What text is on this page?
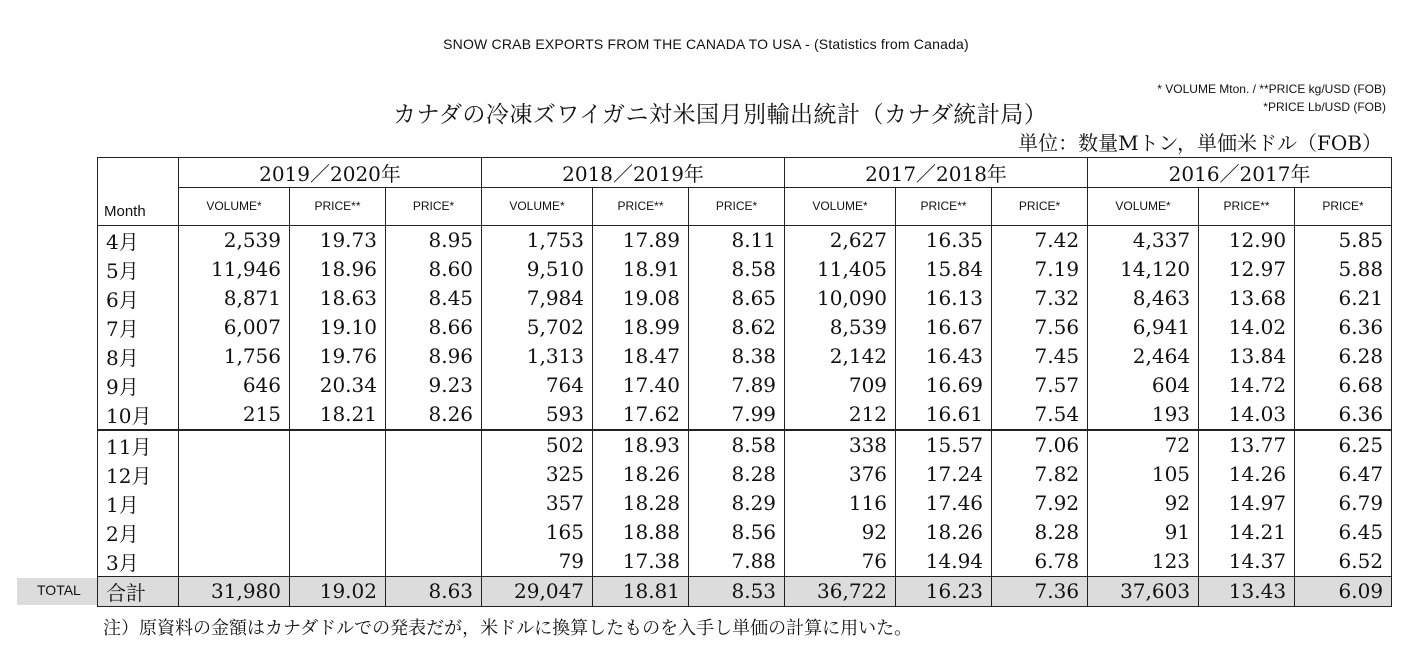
SNOW CRAB EXPORTS FROM THE CANADA TO USA - (Statistics from Canada)
* VOLUME Mton. / **PRICE kg/USD (FOB)
*PRICE Lb/USD (FOB)
カナダの冷凍ズワイガニ対米国月別輸出統計（カナダ統計局）
単位：数量Mトン，単価米ドル（FOB）
TOTAL
	2019／2020年			2018／2019年			2017／2018年			2016／2017年		
Month	VOLUME*	PRICE**	PRICE*	VOLUME*	PRICE**	PRICE*	VOLUME*	PRICE**	PRICE*	VOLUME*	PRICE**	PRICE*
4月	2,539	19.73	8.95	1,753	17.89	8.11	2,627	16.35	7.42	4,337	12.90	5.85
5月	11,946	18.96	8.60	9,510	18.91	8.58	11,405	15.84	7.19	14,120	12.97	5.88
6月	8,871	18.63	8.45	7,984	19.08	8.65	10,090	16.13	7.32	8,463	13.68	6.21
7月	6,007	19.10	8.66	5,702	18.99	8.62	8,539	16.67	7.56	6,941	14.02	6.36
8月	1,756	19.76	8.96	1,313	18.47	8.38	2,142	16.43	7.45	2,464	13.84	6.28
9月	646	20.34	9.23	764	17.40	7.89	709	16.69	7.57	604	14.72	6.68
10月	215	18.21	8.26	593	17.62	7.99	212	16.61	7.54	193	14.03	6.36
11月				502	18.93	8.58	338	15.57	7.06	72	13.77	6.25
12月				325	18.26	8.28	376	17.24	7.82	105	14.26	6.47
1月				357	18.28	8.29	116	17.46	7.92	92	14.97	6.79
2月				165	18.88	8.56	92	18.26	8.28	91	14.21	6.45
3月				79	17.38	7.88	76	14.94	6.78	123	14.37	6.52
合計	31,980	19.02	8.63	29,047	18.81	8.53	36,722	16.23	7.36	37,603	13.43	6.09
注）原資料の金額はカナダドルでの発表だが，米ドルに換算したものを入手し単価の計算に用いた。
